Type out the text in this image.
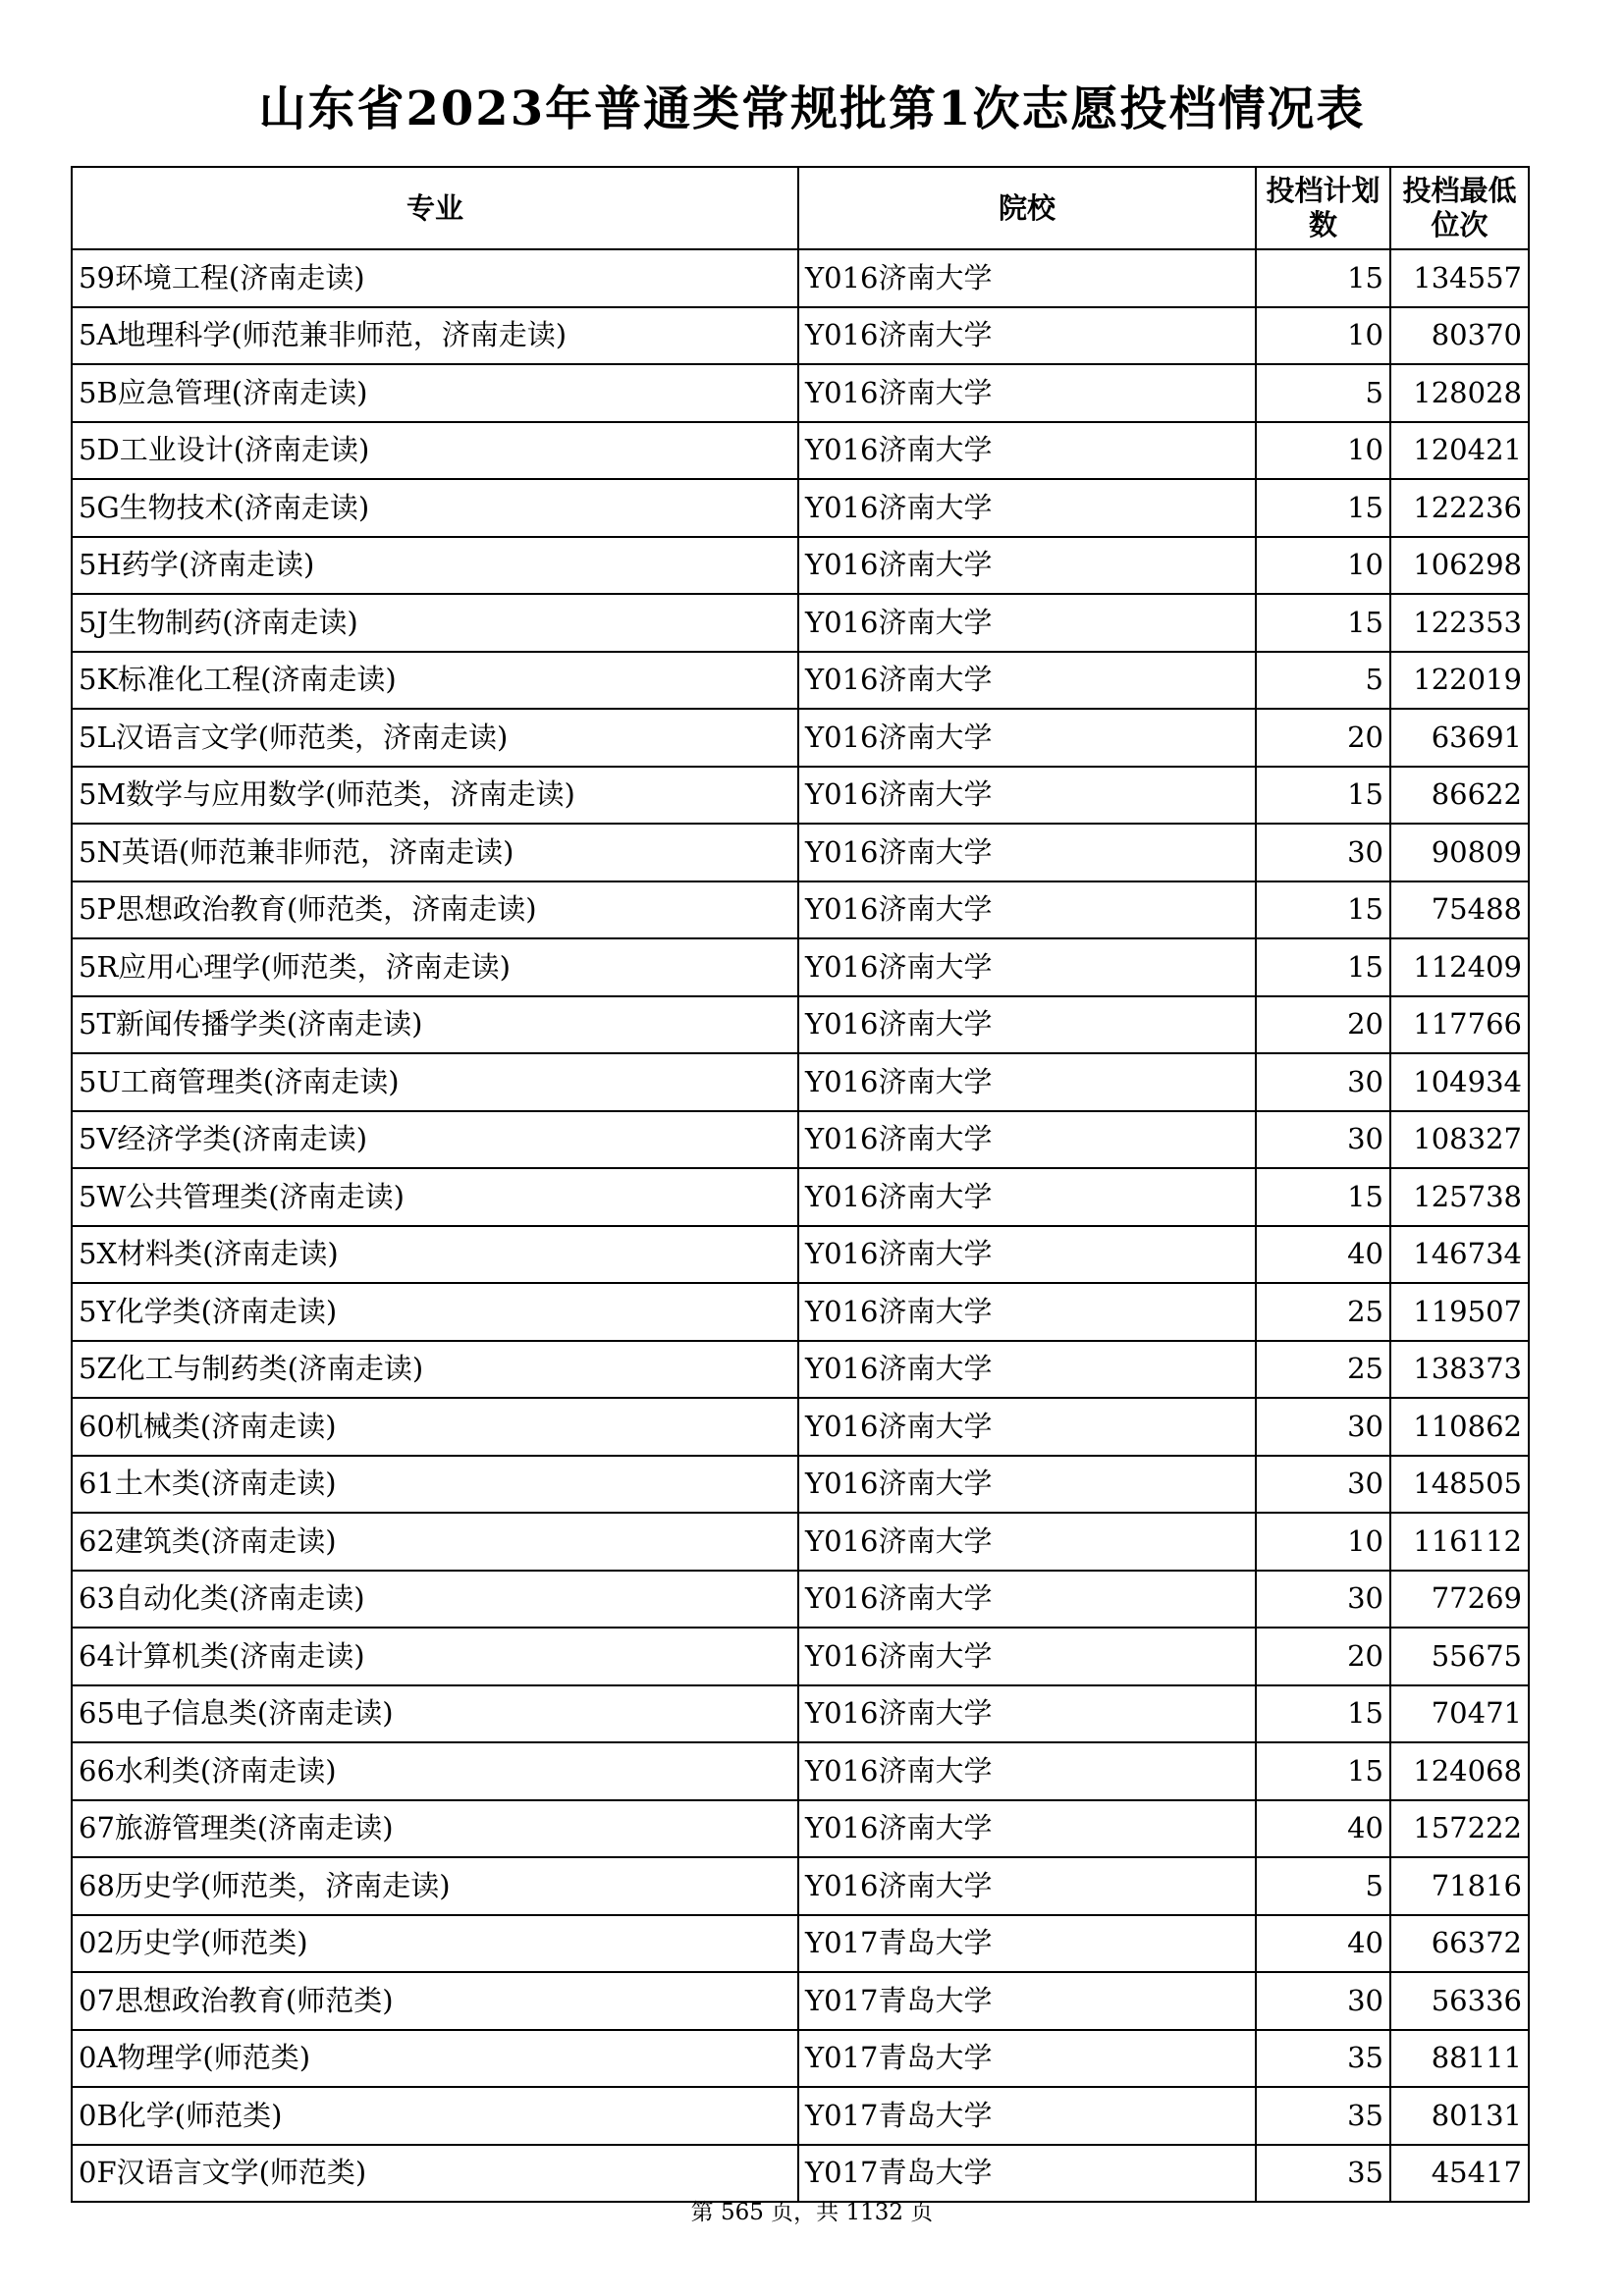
山东省2023年普通类常规批第1次志愿投档情况表
专业	院校	投档计划数	投档最低位次
59环境工程(济南走读)	Y016济南大学	15	134557
5A地理科学(师范兼非师范，济南走读)	Y016济南大学	10	80370
5B应急管理(济南走读)	Y016济南大学	5	128028
5D工业设计(济南走读)	Y016济南大学	10	120421
5G生物技术(济南走读)	Y016济南大学	15	122236
5H药学(济南走读)	Y016济南大学	10	106298
5J生物制药(济南走读)	Y016济南大学	15	122353
5K标准化工程(济南走读)	Y016济南大学	5	122019
5L汉语言文学(师范类，济南走读)	Y016济南大学	20	63691
5M数学与应用数学(师范类，济南走读)	Y016济南大学	15	86622
5N英语(师范兼非师范，济南走读)	Y016济南大学	30	90809
5P思想政治教育(师范类，济南走读)	Y016济南大学	15	75488
5R应用心理学(师范类，济南走读)	Y016济南大学	15	112409
5T新闻传播学类(济南走读)	Y016济南大学	20	117766
5U工商管理类(济南走读)	Y016济南大学	30	104934
5V经济学类(济南走读)	Y016济南大学	30	108327
5W公共管理类(济南走读)	Y016济南大学	15	125738
5X材料类(济南走读)	Y016济南大学	40	146734
5Y化学类(济南走读)	Y016济南大学	25	119507
5Z化工与制药类(济南走读)	Y016济南大学	25	138373
60机械类(济南走读)	Y016济南大学	30	110862
61土木类(济南走读)	Y016济南大学	30	148505
62建筑类(济南走读)	Y016济南大学	10	116112
63自动化类(济南走读)	Y016济南大学	30	77269
64计算机类(济南走读)	Y016济南大学	20	55675
65电子信息类(济南走读)	Y016济南大学	15	70471
66水利类(济南走读)	Y016济南大学	15	124068
67旅游管理类(济南走读)	Y016济南大学	40	157222
68历史学(师范类，济南走读)	Y016济南大学	5	71816
02历史学(师范类)	Y017青岛大学	40	66372
07思想政治教育(师范类)	Y017青岛大学	30	56336
0A物理学(师范类)	Y017青岛大学	35	88111
0B化学(师范类)	Y017青岛大学	35	80131
0F汉语言文学(师范类)	Y017青岛大学	35	45417
第 565 页，共 1132 页
